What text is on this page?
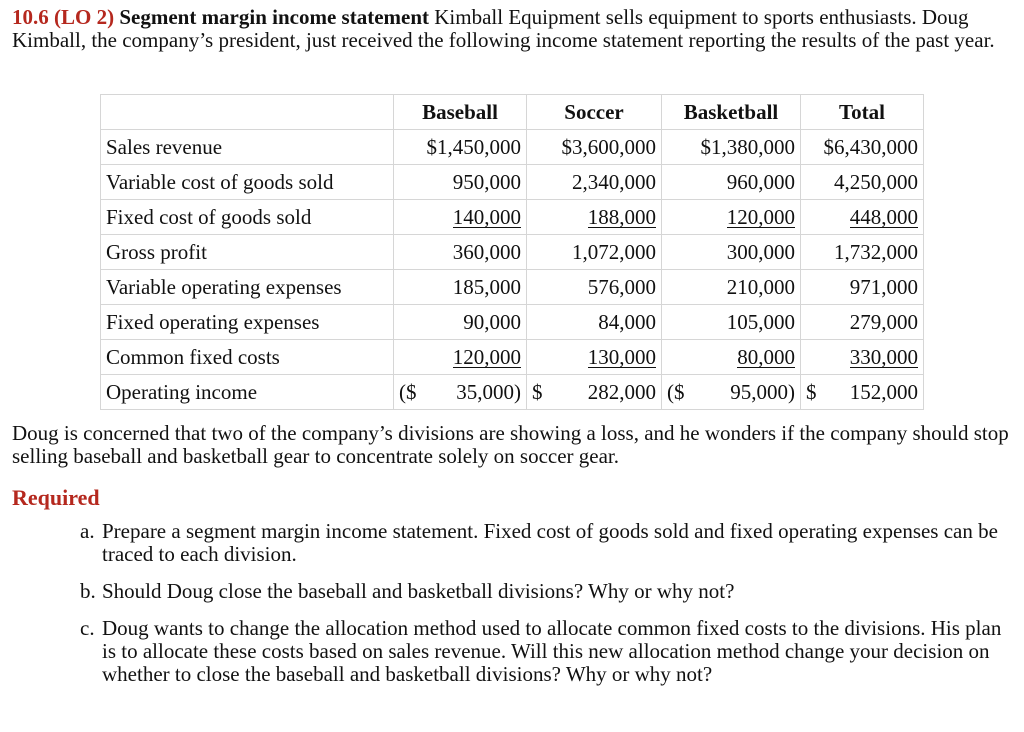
10.6 (LO 2) Segment margin income statement Kimball Equipment sells equipment to sports enthusiasts. Doug Kimball, the company’s president, just received the following income statement reporting the results of the past year.
	Baseball	Soccer	Basketball	Total
Sales revenue	$1,450,000	$3,600,000	$1,380,000	$6,430,000
Variable cost of goods sold	950,000	2,340,000	960,000	4,250,000
Fixed cost of goods sold	140,000	188,000	120,000	448,000
Gross profit	360,000	1,072,000	300,000	1,732,000
Variable operating expenses	185,000	576,000	210,000	971,000
Fixed operating expenses	90,000	84,000	105,000	279,000
Common fixed costs	120,000	130,000	80,000	330,000
Operating income	($ 35,000)	$ 282,000	($ 95,000)	$ 152,000
Doug is concerned that two of the company’s divisions are showing a loss, and he wonders if the company should stop selling baseball and basketball gear to concentrate solely on soccer gear.
Required
a. Prepare a segment margin income statement. Fixed cost of goods sold and fixed operating expenses can be traced to each division.
b. Should Doug close the baseball and basketball divisions? Why or why not?
c. Doug wants to change the allocation method used to allocate common fixed costs to the divisions. His plan is to allocate these costs based on sales revenue. Will this new allocation method change your decision on whether to close the baseball and basketball divisions? Why or why not?
